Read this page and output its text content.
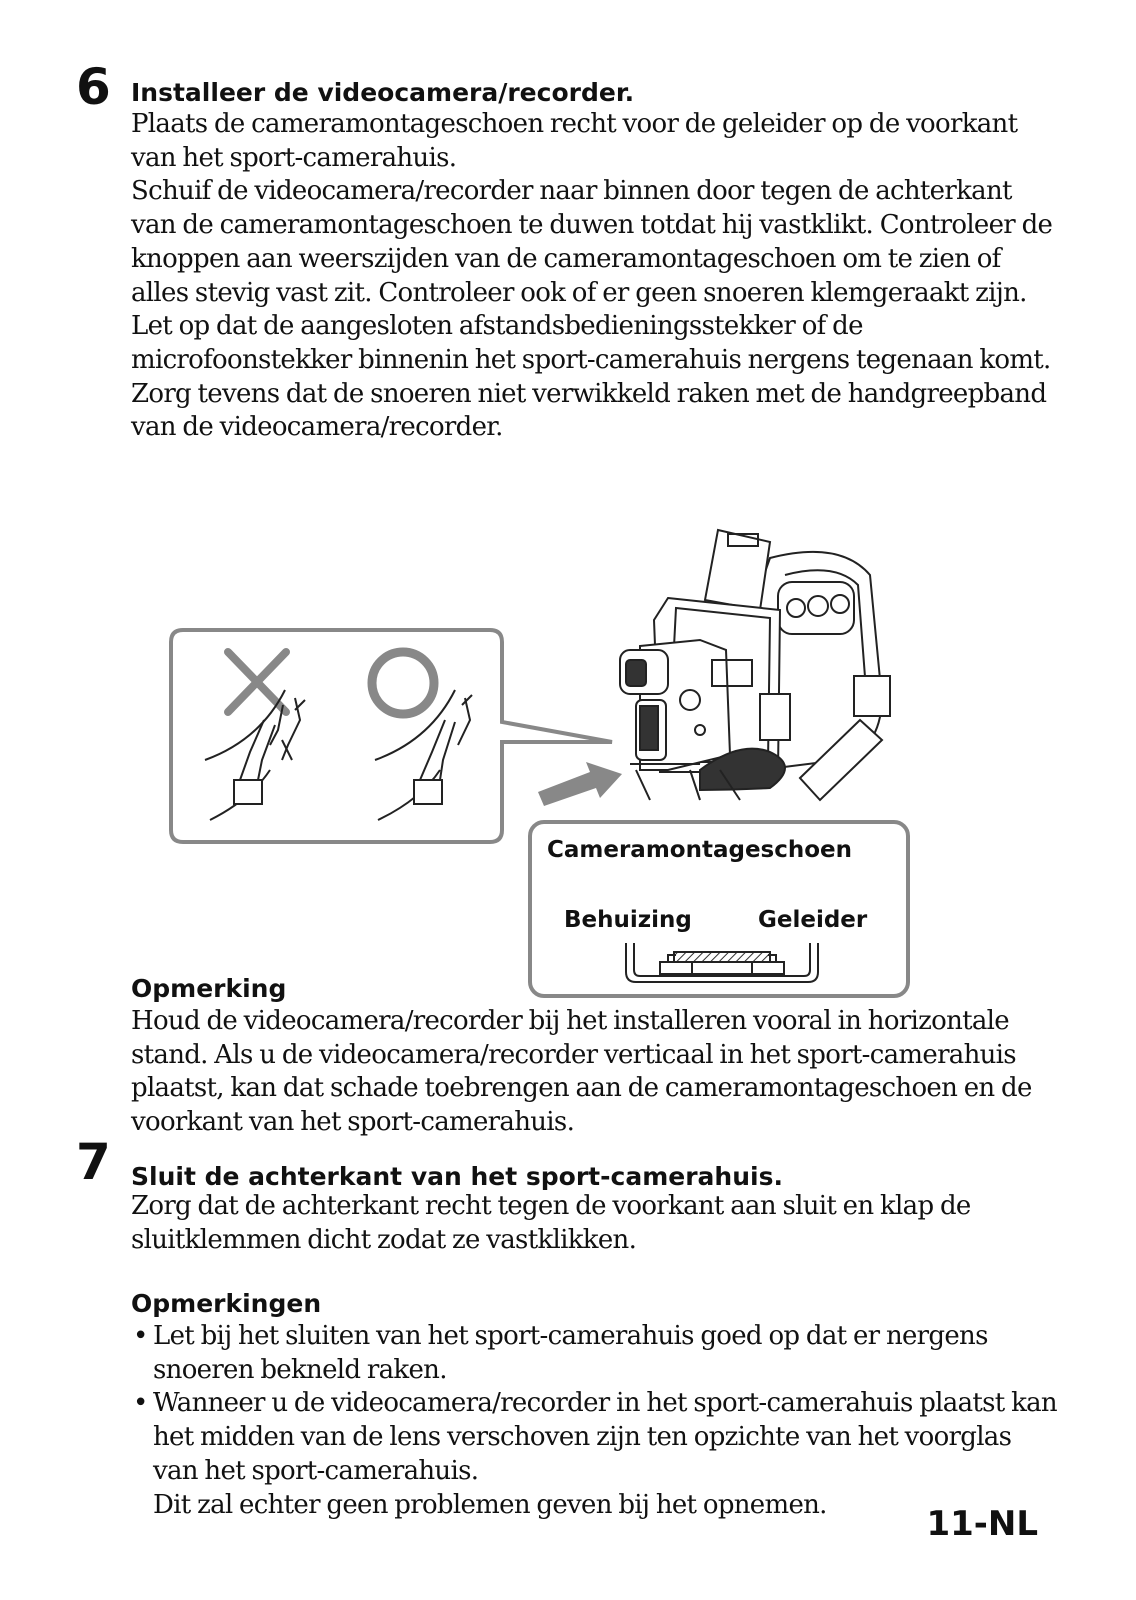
6 Installeer de videocamera/recorder.

Plaats de cameramontageschoen recht voor de geleider op de voorkant van het sport-camerahuis.

Schuif de videocamera/recorder naar binnen door tegen de achterkant van de cameramontageschoen te duwen totdat hij vastklikt. Controleer de knoppen aan weerszijden van de cameramontageschoen om te zien of alles stevig vast zit. Controleer ook of er geen snoeren klemgeraakt zijn.

Let op dat de aangesloten afstandsbedieningsstekker of de microfoonstekker binnenin het sport-camerahuis nergens tegenaan komt.

Zorg tevens dat de snoeren niet verwikkeld raken met de handgreepband van de videocamera/recorder.

Cameramontageschoen
Behuizing	Geleider
Opmerking
Houd de videocamera/recorder bij het installeren vooral in horizontale stand. Als u de videocamera/recorder verticaal in het sport-camerahuis plaatst, kan dat schade toebrengen aan de cameramontageschoen en de voorkant van het sport-camerahuis.
7 Sluit de achterkant van het sport-camerahuis.
Zorg dat de achterkant recht tegen de voorkant aan sluit en klap de sluitklemmen dicht zodat ze vastklikken.
Opmerkingen
• Let bij het sluiten van het sport-camerahuis goed op dat er nergens snoeren bekneld raken.
• Wanneer u de videocamera/recorder in het sport-camerahuis plaatst kan het midden van de lens verschoven zijn ten opzichte van het voorglas van het sport-camerahuis.
Dit zal echter geen problemen geven bij het opnemen.	11-NL
